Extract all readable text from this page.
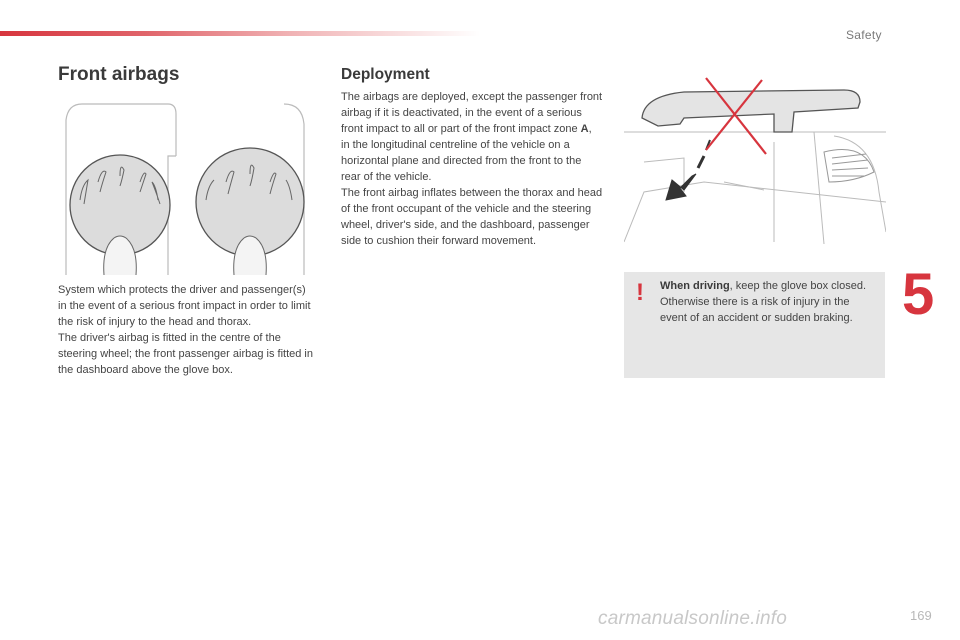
Safety
5
Front airbags	Deployment

System which protects the driver and passenger(s) in the event of a serious front impact in order to limit the risk of injury to the head and thorax.

The driver's airbag is fitted in the centre of the steering wheel; the front passenger airbag is fitted in the dashboard above the glove box.

The airbags are deployed, except the passenger front airbag if it is deactivated, in the event of a serious front impact to all or part of the front impact zone A, in the longitudinal centreline of the vehicle on a horizontal plane and directed from the front to the rear of the vehicle.

The front airbag inflates between the thorax and head of the front occupant of the vehicle and the steering wheel, driver's side, and the dashboard, passenger side to cushion their forward movement.

! When driving, keep the glove box closed. Otherwise there is a risk of injury in the event of an accident or sudden braking.
carmanualsonline.info	169
